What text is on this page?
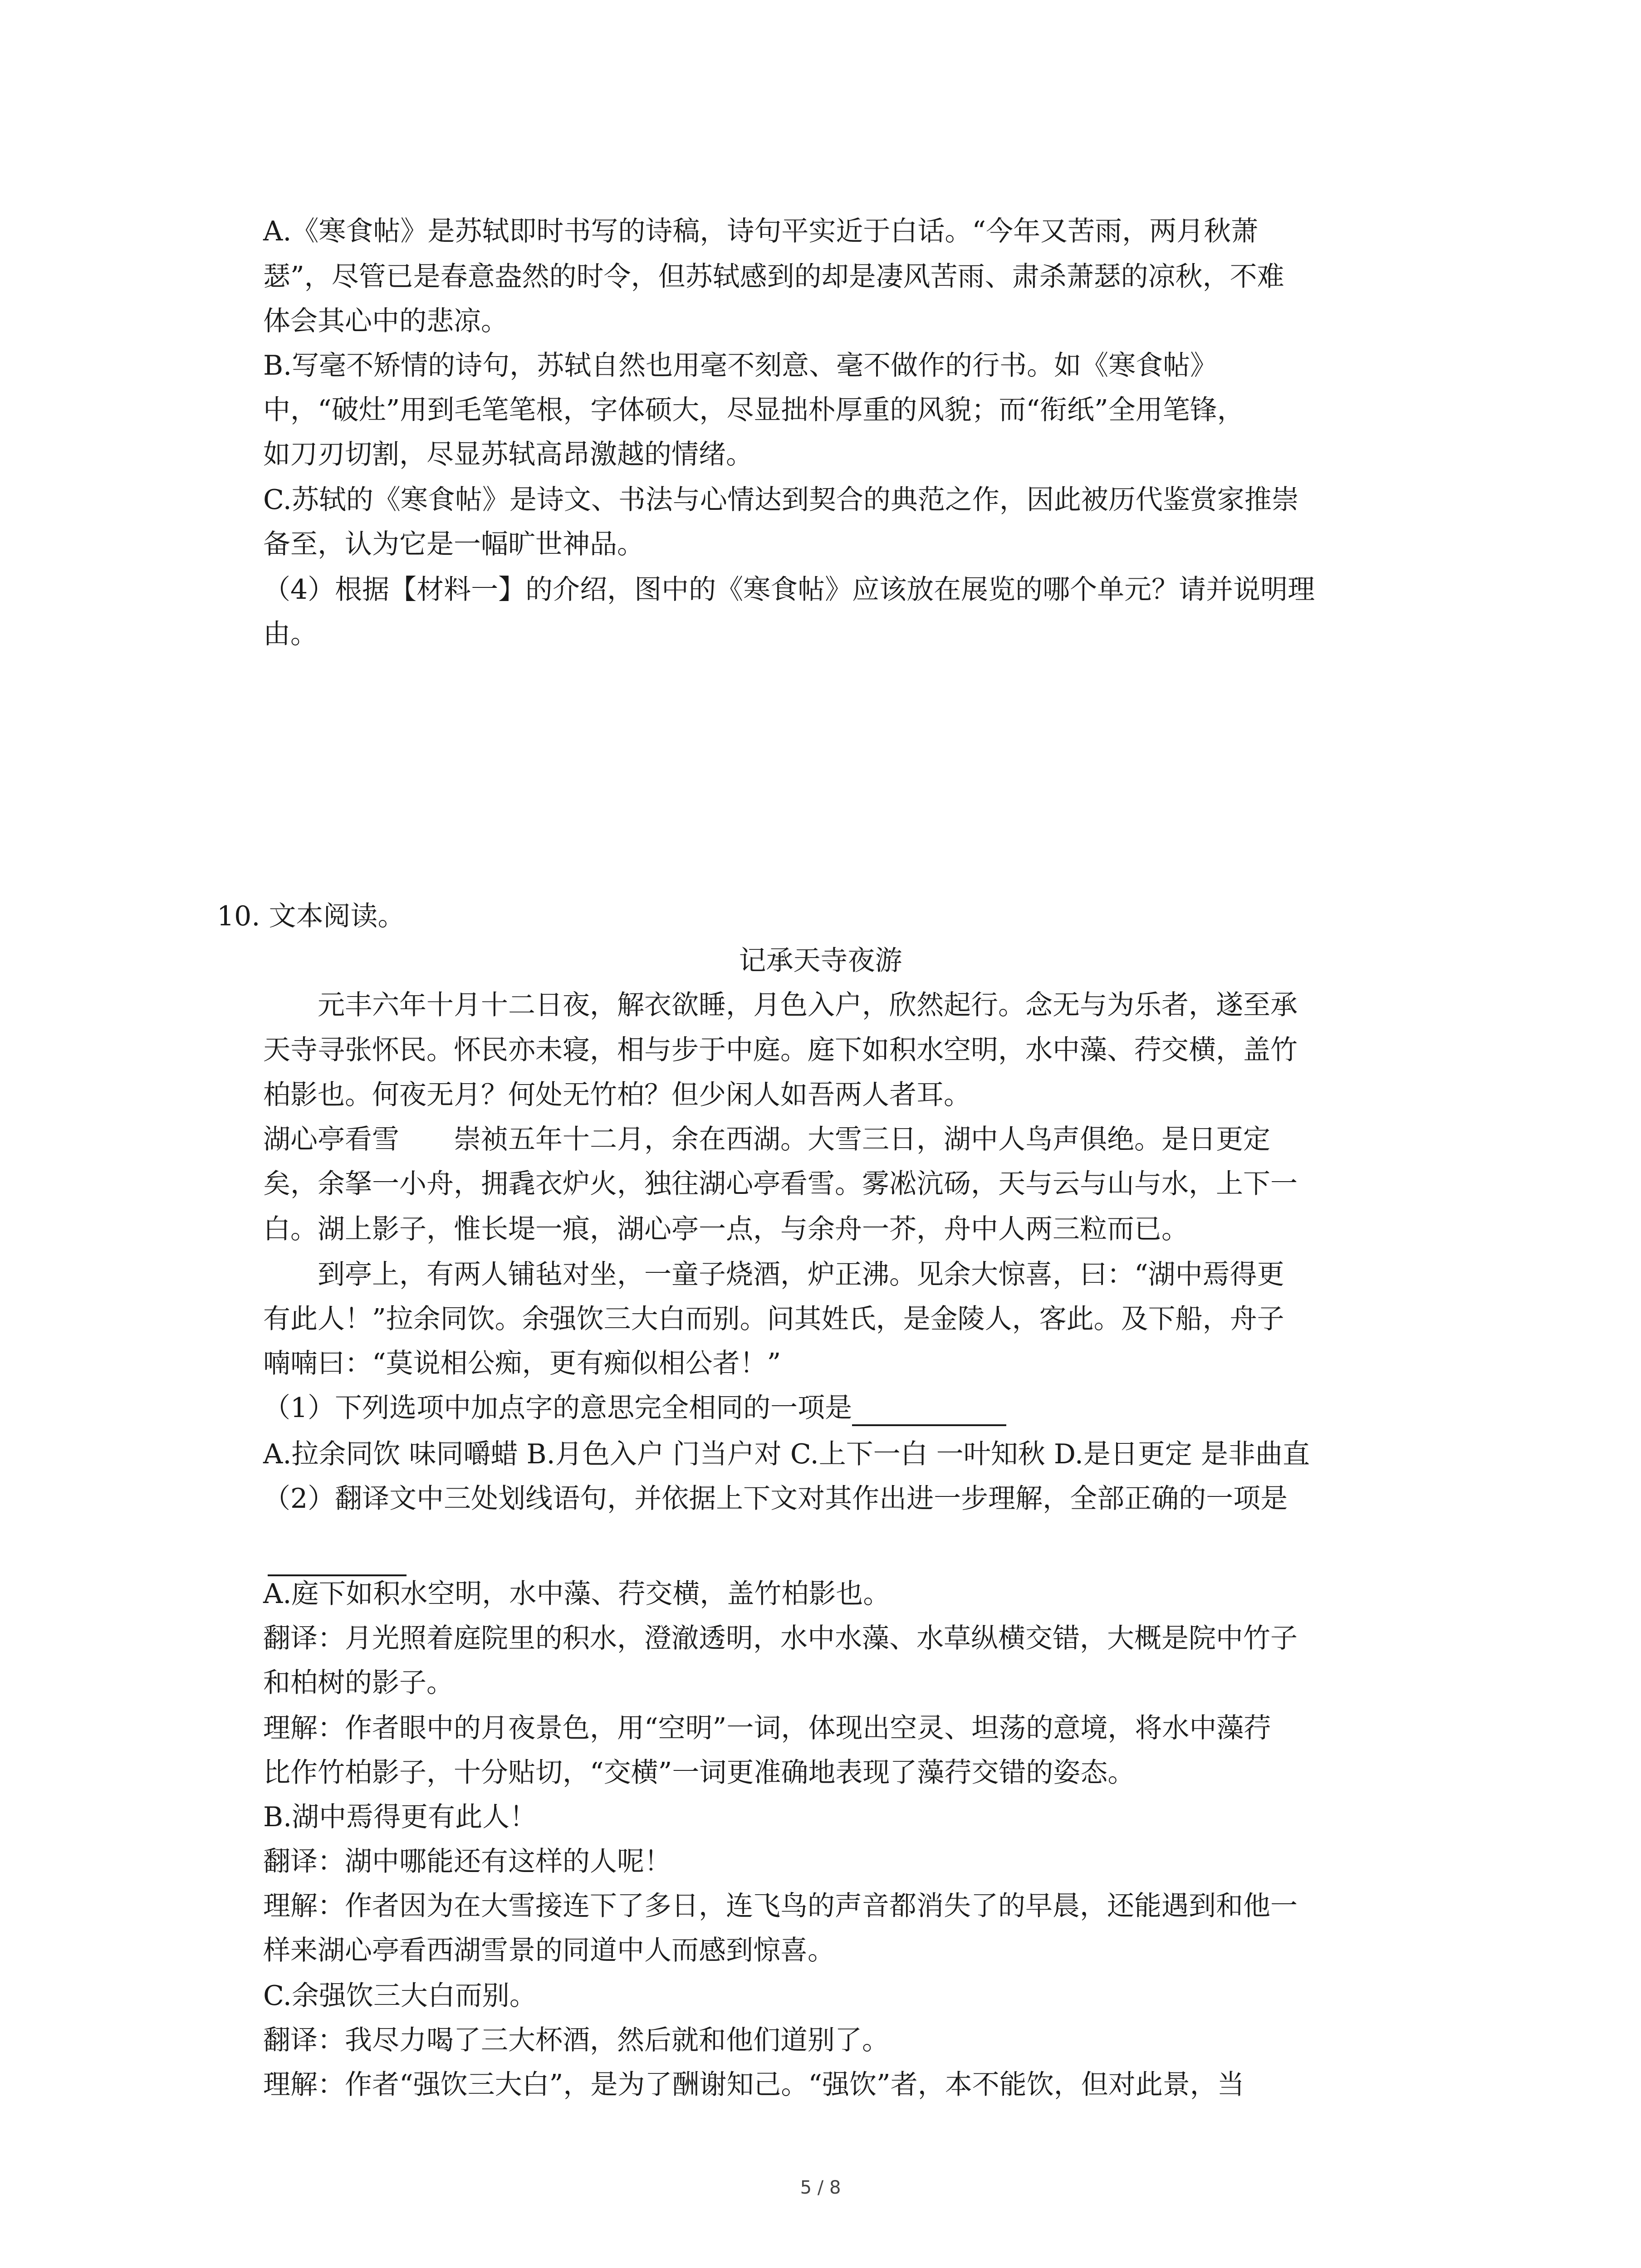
A.《寒食帖》是苏轼即时书写的诗稿，诗句平实近于白话。“今年又苦雨，两月秋萧
瑟”，尽管已是春意盎然的时令，但苏轼感到的却是凄风苦雨、肃杀萧瑟的凉秋，不难
体会其心中的悲凉。
B.写毫不矫情的诗句，苏轼自然也用毫不刻意、毫不做作的行书。如《寒食帖》
中，“破灶”用到毛笔笔根，字体硕大，尽显拙朴厚重的风貌；而“衔纸”全用笔锋，
如刀刃切割，尽显苏轼高昂激越的情绪。
C.苏轼的《寒食帖》是诗文、书法与心情达到契合的典范之作，因此被历代鉴赏家推崇
备至，认为它是一幅旷世神品。
（4）根据【材料一】的介绍，图中的《寒食帖》应该放在展览的哪个单元？请并说明理
由。
10. 文本阅读。
记承天寺夜游
元丰六年十月十二日夜，解衣欲睡，月色入户，欣然起行。念无与为乐者，遂至承
天寺寻张怀民。怀民亦未寝，相与步于中庭。庭下如积水空明，水中藻、荇交横，盖竹
柏影也。何夜无月？何处无竹柏？但少闲人如吾两人者耳。
湖心亭看雪　　崇祯五年十二月，余在西湖。大雪三日，湖中人鸟声俱绝。是日更定
矣，余拏一小舟，拥毳衣炉火，独往湖心亭看雪。雾凇沆砀，天与云与山与水，上下一
白。湖上影子，惟长堤一痕，湖心亭一点，与余舟一芥，舟中人两三粒而已。
到亭上，有两人铺毡对坐，一童子烧酒，炉正沸。见余大惊喜，曰：“湖中焉得更
有此人！”拉余同饮。余强饮三大白而别。问其姓氏，是金陵人，客此。及下船，舟子
喃喃曰：“莫说相公痴，更有痴似相公者！”
（1）下列选项中加点字的意思完全相同的一项是
A.拉余同饮 味同嚼蜡 B.月色入户 门当户对 C.上下一白 一叶知秋 D.是日更定 是非曲直
（2）翻译文中三处划线语句，并依据上下文对其作出进一步理解，全部正确的一项是
A.庭下如积水空明，水中藻、荇交横，盖竹柏影也。
翻译：月光照着庭院里的积水，澄澈透明，水中水藻、水草纵横交错，大概是院中竹子
和柏树的影子。
理解：作者眼中的月夜景色，用“空明”一词，体现出空灵、坦荡的意境，将水中藻荇
比作竹柏影子，十分贴切，“交横”一词更准确地表现了藻荇交错的姿态。
B.湖中焉得更有此人！
翻译：湖中哪能还有这样的人呢！
理解：作者因为在大雪接连下了多日，连飞鸟的声音都消失了的早晨，还能遇到和他一
样来湖心亭看西湖雪景的同道中人而感到惊喜。
C.余强饮三大白而别。
翻译：我尽力喝了三大杯酒，然后就和他们道别了。
理解：作者“强饮三大白”，是为了酬谢知己。“强饮”者，本不能饮，但对此景，当
5 / 8
